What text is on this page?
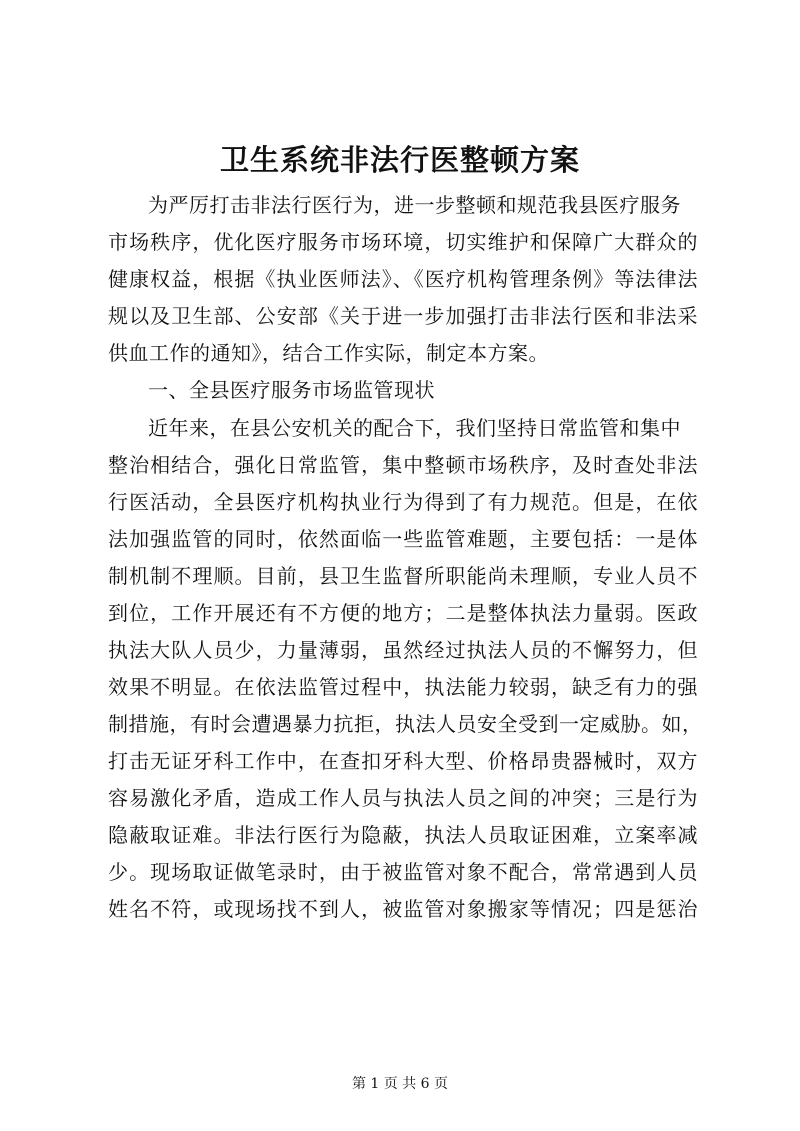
卫生系统非法行医整顿方案
为严厉打击非法行医行为，进一步整顿和规范我县医疗服务
市场秩序，优化医疗服务市场环境，切实维护和保障广大群众的
健康权益，根据《执业医师法》、《医疗机构管理条例》等法律法
规以及卫生部、公安部《关于进一步加强打击非法行医和非法采
供血工作的通知》，结合工作实际，制定本方案。
一、全县医疗服务市场监管现状
近年来，在县公安机关的配合下，我们坚持日常监管和集中
整治相结合，强化日常监管，集中整顿市场秩序，及时查处非法
行医活动，全县医疗机构执业行为得到了有力规范。但是，在依
法加强监管的同时，依然面临一些监管难题，主要包括：一是体
制机制不理顺。目前，县卫生监督所职能尚未理顺，专业人员不
到位，工作开展还有不方便的地方；二是整体执法力量弱。医政
执法大队人员少，力量薄弱，虽然经过执法人员的不懈努力，但
效果不明显。在依法监管过程中，执法能力较弱，缺乏有力的强
制措施，有时会遭遇暴力抗拒，执法人员安全受到一定威胁。如，
打击无证牙科工作中，在查扣牙科大型、价格昂贵器械时，双方
容易激化矛盾，造成工作人员与执法人员之间的冲突；三是行为
隐蔽取证难。非法行医行为隐蔽，执法人员取证困难，立案率减
少。现场取证做笔录时，由于被监管对象不配合，常常遇到人员
姓名不符，或现场找不到人，被监管对象搬家等情况；四是惩治
第 1 页 共 6 页
